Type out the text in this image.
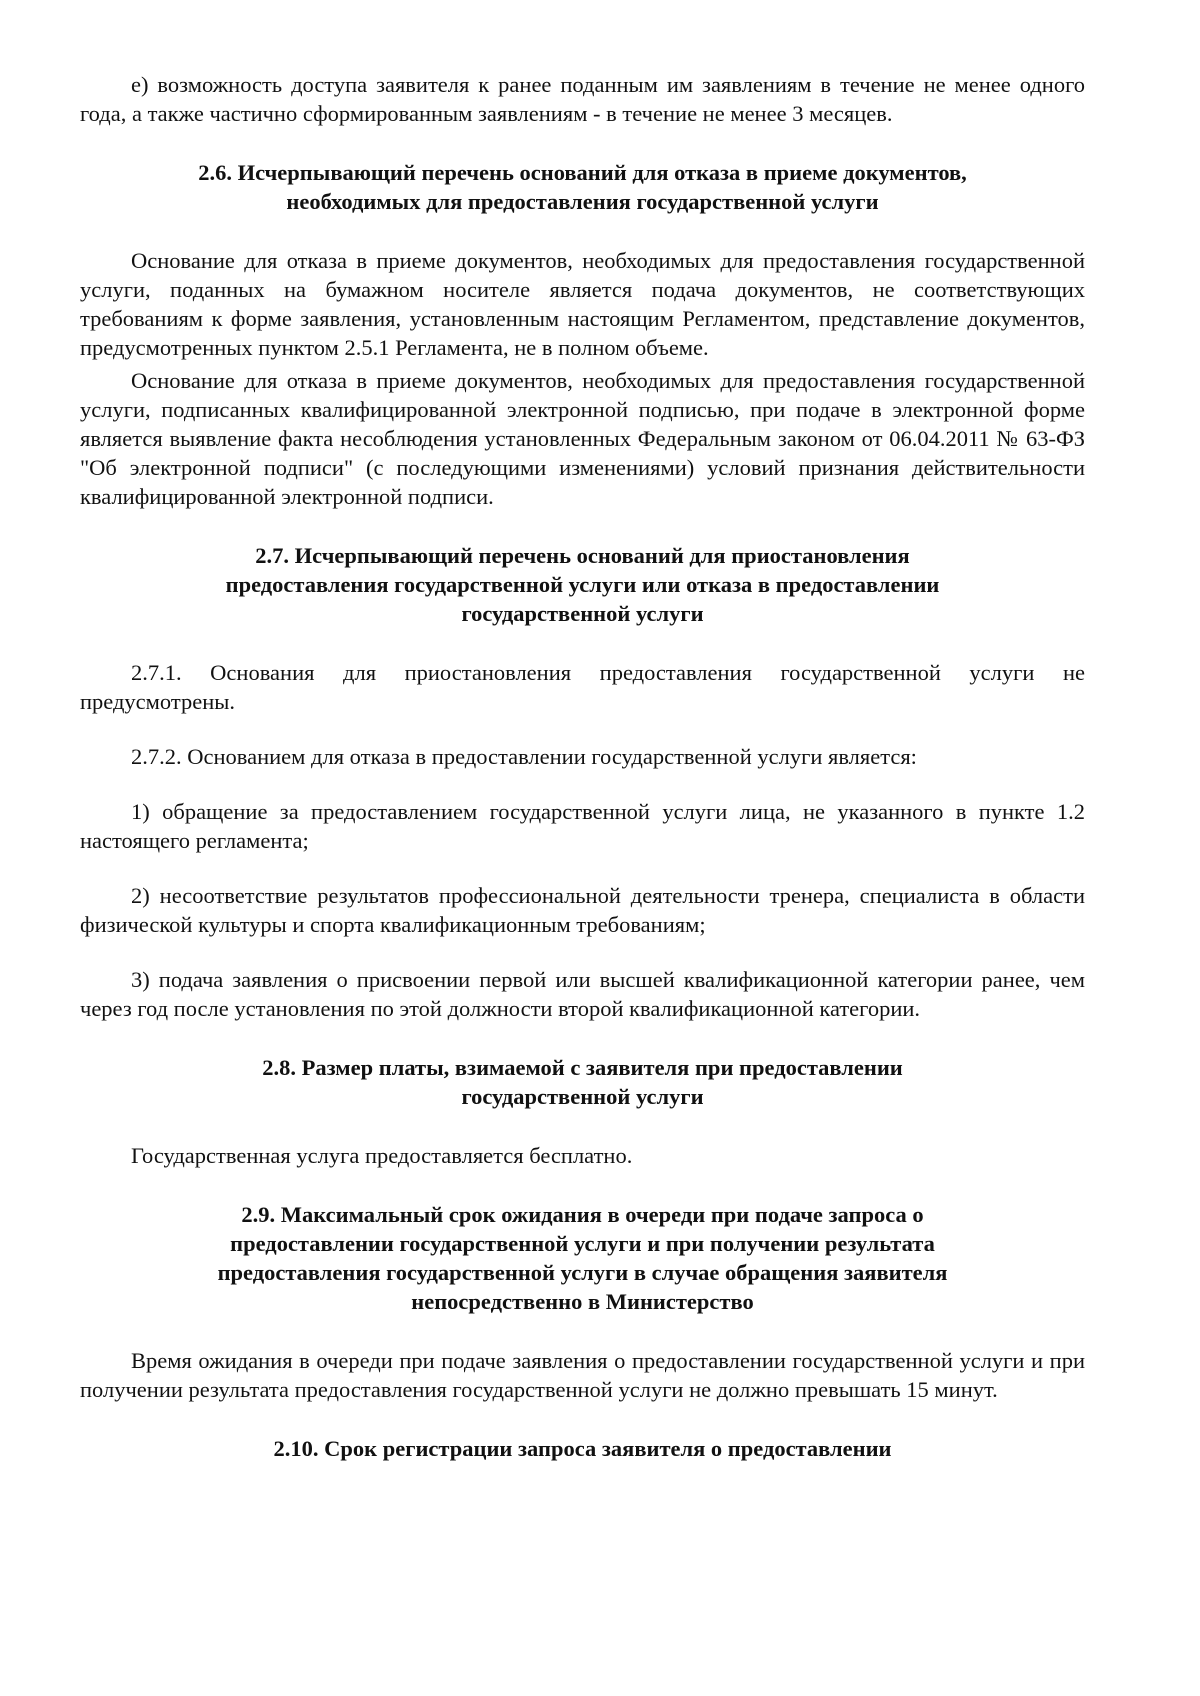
е) возможность доступа заявителя к ранее поданным им заявлениям в течение не менее одного года, а также частично сформированным заявлениям - в течение не менее 3 месяцев.

2.6. Исчерпывающий перечень оснований для отказа в приеме документов,
необходимых для предоставления государственной услуги

Основание для отказа в приеме документов, необходимых для предоставления государственной услуги, поданных на бумажном носителе является подача документов, не соответствующих требованиям к форме заявления, установленным настоящим Регламентом, представление документов, предусмотренных пунктом 2.5.1 Регламента, не в полном объеме.

Основание для отказа в приеме документов, необходимых для предоставления государственной услуги, подписанных квалифицированной электронной подписью, при подаче в электронной форме является выявление факта несоблюдения установленных Федеральным законом от 06.04.2011 № 63-ФЗ "Об электронной подписи" (с последующими изменениями) условий признания действительности квалифицированной электронной подписи.

2.7. Исчерпывающий перечень оснований для приостановления
предоставления государственной услуги или отказа в предоставлении
государственной услуги

2.7.1. Основания для приостановления предоставления государственной услуги не предусмотрены.

2.7.2. Основанием для отказа в предоставлении государственной услуги является:

1) обращение за предоставлением государственной услуги лица, не указанного в пункте 1.2 настоящего регламента;

2) несоответствие результатов профессиональной деятельности тренера, специалиста в области физической культуры и спорта квалификационным требованиям;

3) подача заявления о присвоении первой или высшей квалификационной категории ранее, чем через год после установления по этой должности второй квалификационной категории.

2.8. Размер платы, взимаемой с заявителя при предоставлении
государственной услуги

Государственная услуга предоставляется бесплатно.

2.9. Максимальный срок ожидания в очереди при подаче запроса о
предоставлении государственной услуги и при получении результата
предоставления государственной услуги в случае обращения заявителя
непосредственно в Министерство

Время ожидания в очереди при подаче заявления о предоставлении государственной услуги и при получении результата предоставления государственной услуги не должно превышать 15 минут.

2.10. Срок регистрации запроса заявителя о предоставлении
